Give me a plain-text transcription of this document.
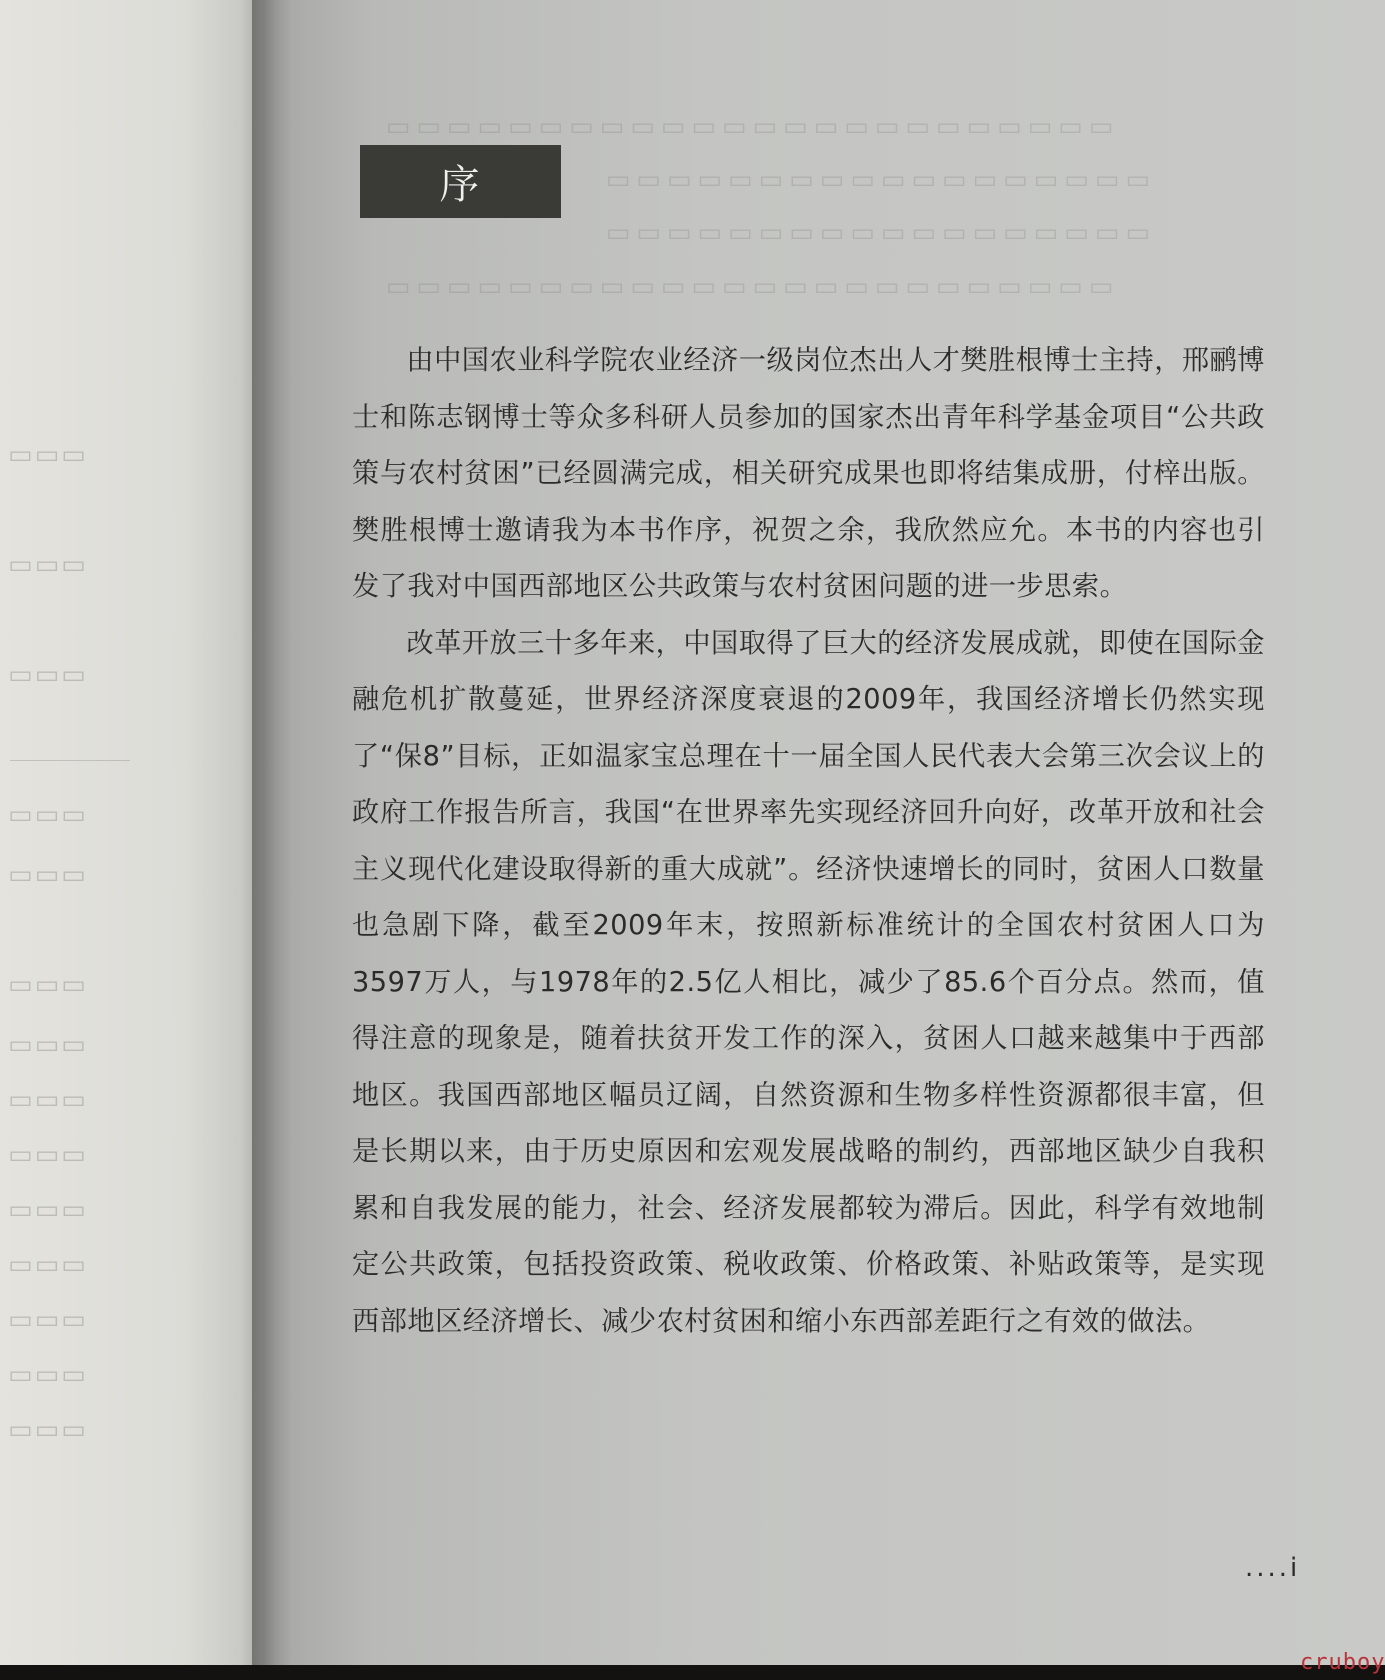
▭▭▭
▭▭▭
▭▭▭
▭▭▭
▭▭▭
▭▭▭
▭▭▭
▭▭▭
▭▭▭
▭▭▭
▭▭▭
▭▭▭
▭▭▭
▭▭▭
▭▭▭▭▭▭▭▭▭▭▭▭▭▭▭▭▭▭▭▭▭▭▭▭
▭▭▭▭▭▭▭▭▭▭▭▭▭▭▭▭▭▭
▭▭▭▭▭▭▭▭▭▭▭▭▭▭▭▭▭▭
▭▭▭▭▭▭▭▭▭▭▭▭▭▭▭▭▭▭▭▭▭▭▭▭
序

由中国农业科学院农业经济一级岗位杰出人才樊胜根博士主持，邢鹂博士和陈志钢博士等众多科研人员参加的国家杰出青年科学基金项目“公共政策与农村贫困”已经圆满完成，相关研究成果也即将结集成册，付梓出版。樊胜根博士邀请我为本书作序，祝贺之余，我欣然应允。本书的内容也引发了我对中国西部地区公共政策与农村贫困问题的进一步思索。

改革开放三十多年来，中国取得了巨大的经济发展成就，即使在国际金融危机扩散蔓延，世界经济深度衰退的2009年，我国经济增长仍然实现了“保8”目标，正如温家宝总理在十一届全国人民代表大会第三次会议上的政府工作报告所言，我国“在世界率先实现经济回升向好，改革开放和社会主义现代化建设取得新的重大成就”。经济快速增长的同时，贫困人口数量也急剧下降，截至2009年末，按照新标准统计的全国农村贫困人口为3597万人，与1978年的2.5亿人相比，减少了85.6个百分点。然而，值得注意的现象是，随着扶贫开发工作的深入，贫困人口越来越集中于西部地区。我国西部地区幅员辽阔，自然资源和生物多样性资源都很丰富，但是长期以来，由于历史原因和宏观发展战略的制约，西部地区缺少自我积累和自我发展的能力，社会、经济发展都较为滞后。因此，科学有效地制定公共政策，包括投资政策、税收政策、价格政策、补贴政策等，是实现西部地区经济增长、减少农村贫困和缩小东西部差距行之有效的做法。

....i
cruboy
